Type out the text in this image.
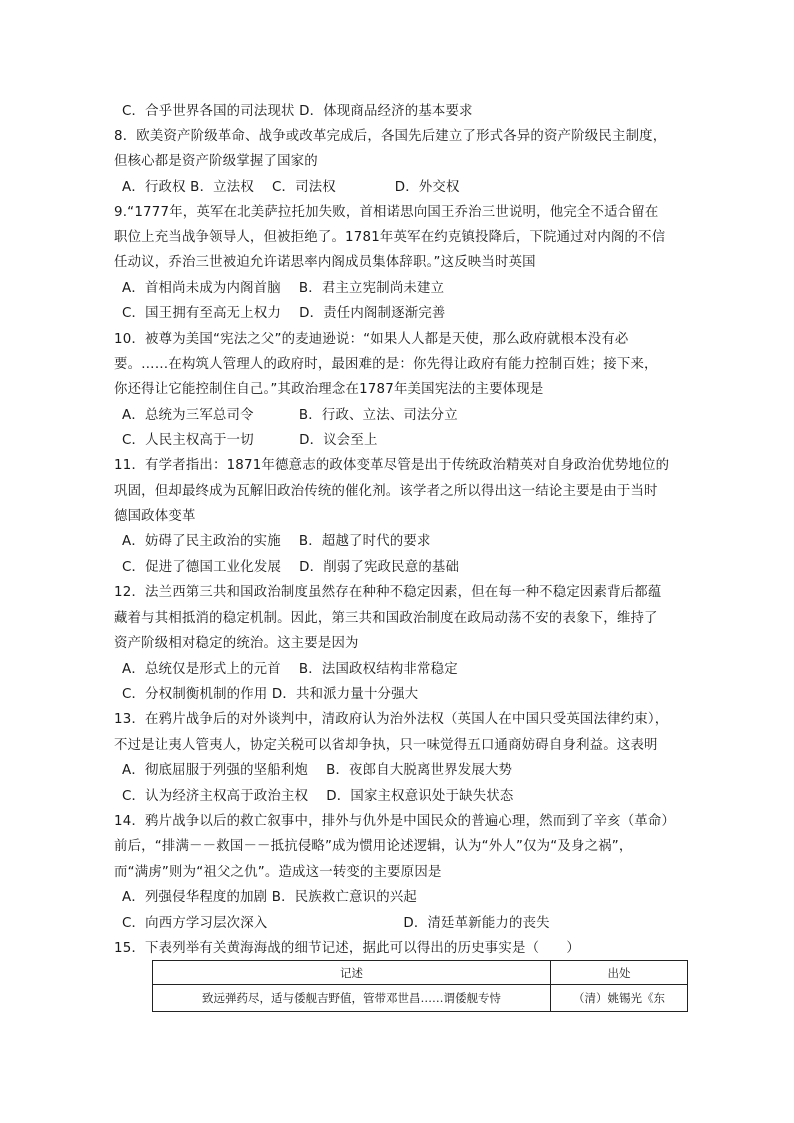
C．合乎世界各国的司法现状 D．体现商品经济的基本要求
8．欧美资产阶级革命、战争或改革完成后，各国先后建立了形式各异的资产阶级民主制度，
但核心都是资产阶级掌握了国家的
A．行政权 B．立法权　 C．司法权　　　　 D．外交权
9.“1777年，英军在北美萨拉托加失败，首相诺思向国王乔治三世说明，他完全不适合留在
职位上充当战争领导人，但被拒绝了。1781年英军在约克镇投降后，下院通过对内阁的不信
任动议，乔治三世被迫允许诺思率内阁成员集体辞职。”这反映当时英国
A．首相尚未成为内阁首脑　 B．君主立宪制尚未建立
C．国王拥有至高无上权力　 D．责任内阁制逐渐完善
10．被尊为美国“宪法之父”的麦迪逊说：“如果人人都是天使，那么政府就根本没有必
要。……在构筑人管理人的政府时，最困难的是：你先得让政府有能力控制百姓；接下来，
你还得让它能控制住自己。”其政治理念在1787年美国宪法的主要体现是
A．总统为三军总司令　　　 B．行政、立法、司法分立
C．人民主权高于一切　　　 D．议会至上
11．有学者指出：1871年德意志的政体变革尽管是出于传统政治精英对自身政治优势地位的
巩固，但却最终成为瓦解旧政治传统的催化剂。该学者之所以得出这一结论主要是由于当时
德国政体变革
A．妨碍了民主政治的实施　 B．超越了时代的要求
C．促进了德国工业化发展　 D．削弱了宪政民意的基础
12．法兰西第三共和国政治制度虽然存在种种不稳定因素，但在每一种不稳定因素背后都蕴
藏着与其相抵消的稳定机制。因此，第三共和国政治制度在政局动荡不安的表象下，维持了
资产阶级相对稳定的统治。这主要是因为
A．总统仅是形式上的元首　 B．法国政权结构非常稳定
C．分权制衡机制的作用 D．共和派力量十分强大
13．在鸦片战争后的对外谈判中，清政府认为治外法权（英国人在中国只受英国法律约束），
不过是让夷人管夷人，协定关税可以省却争执，只一味觉得五口通商妨碍自身利益。这表明
A．彻底屈服于列强的坚船利炮　 B．夜郎自大脱离世界发展大势
C．认为经济主权高于政治主权　 D．国家主权意识处于缺失状态
14．鸦片战争以后的救亡叙事中，排外与仇外是中国民众的普遍心理，然而到了辛亥（革命）
前后，“排满－－救国－－抵抗侵略”成为惯用论述逻辑，认为“外人”仅为“及身之祸”，
而“满虏”则为“祖父之仇”。造成这一转变的主要原因是
A．列强侵华程度的加剧 B．民族救亡意识的兴起
C．向西方学习层次深入　　　　　　　　　　D．清廷革新能力的丧失
15．下表列举有关黄海海战的细节记述，据此可以得出的历史事实是（　　）
记述	出处
致远弹药尽，适与倭舰吉野值，管带邓世昌……谓倭舰专恃	（清）姚锡光《东
